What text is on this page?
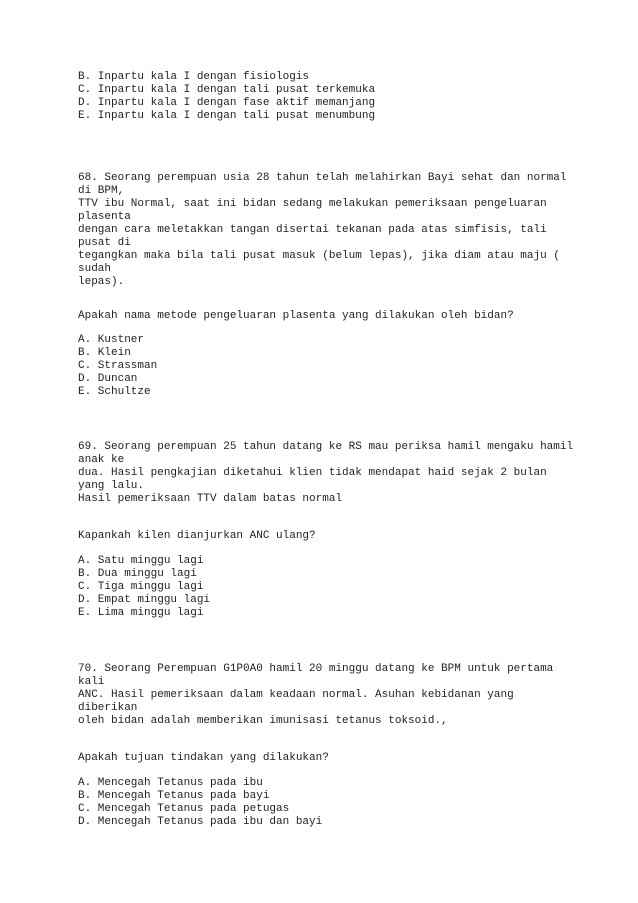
B. Inpartu kala I dengan fisiologis
C. Inpartu kala I dengan tali pusat terkemuka
D. Inpartu kala I dengan fase aktif memanjang
E. Inpartu kala I dengan tali pusat menumbung
68. Seorang perempuan usia 28 tahun telah melahirkan Bayi sehat dan normal
di BPM,
TTV ibu Normal, saat ini bidan sedang melakukan pemeriksaan pengeluaran
plasenta
dengan cara meletakkan tangan disertai tekanan pada atas simfisis, tali
pusat di
tegangkan maka bila tali pusat masuk (belum lepas), jika diam atau maju (
sudah
lepas).
Apakah nama metode pengeluaran plasenta yang dilakukan oleh bidan?
A. Kustner
B. Klein
C. Strassman
D. Duncan
E. Schultze
69. Seorang perempuan 25 tahun datang ke RS mau periksa hamil mengaku hamil
anak ke
dua. Hasil pengkajian diketahui klien tidak mendapat haid sejak 2 bulan
yang lalu.
Hasil pemeriksaan TTV dalam batas normal
Kapankah kilen dianjurkan ANC ulang?
A. Satu minggu lagi
B. Dua minggu lagi
C. Tiga minggu lagi
D. Empat minggu lagi
E. Lima minggu lagi
70. Seorang Perempuan G1P0A0 hamil 20 minggu datang ke BPM untuk pertama
kali
ANC. Hasil pemeriksaan dalam keadaan normal. Asuhan kebidanan yang
diberikan
oleh bidan adalah memberikan imunisasi tetanus toksoid.,
Apakah tujuan tindakan yang dilakukan?
A. Mencegah Tetanus pada ibu
B. Mencegah Tetanus pada bayi
C. Mencegah Tetanus pada petugas
D. Mencegah Tetanus pada ibu dan bayi
